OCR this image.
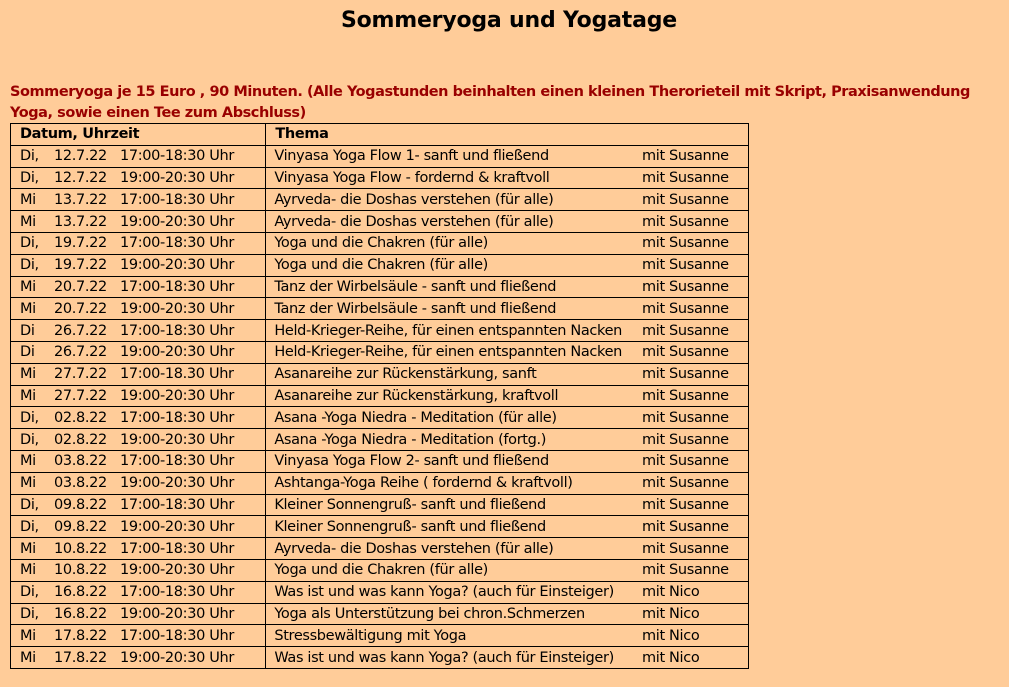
Sommeryoga und Yogatage
Sommeryoga je 15 Euro , 90 Minuten. (Alle Yogastunden beinhalten einen kleinen Therorieteil mit Skript, Praxisanwendung Yoga, sowie einen Tee zum Abschluss)
Datum, Uhrzeit	Thema
Di, 12.7.22 17:00-18:30 Uhr	Vinyasa Yoga Flow 1- sanft und fließend mit Susanne

Di, 12.7.22 19:00-20:30 Uhr	Vinyasa Yoga Flow - fordernd & kraftvoll mit Susanne

Mi 13.7.22 17:00-18:30 Uhr	Ayrveda- die Doshas verstehen (für alle) mit Susanne

Mi 13.7.22 19:00-20:30 Uhr	Ayrveda- die Doshas verstehen (für alle) mit Susanne

Di, 19.7.22 17:00-18:30 Uhr	Yoga und die Chakren (für alle) mit Susanne

Di, 19.7.22 19:00-20:30 Uhr	Yoga und die Chakren (für alle) mit Susanne

Mi 20.7.22 17:00-18:30 Uhr	Tanz der Wirbelsäule - sanft und fließend mit Susanne

Mi 20.7.22 19:00-20:30 Uhr	Tanz der Wirbelsäule - sanft und fließend mit Susanne

Di 26.7.22 17:00-18:30 Uhr	Held-Krieger-Reihe, für einen entspannten Nacken mit Susanne

Di 26.7.22 19:00-20:30 Uhr	Held-Krieger-Reihe, für einen entspannten Nacken mit Susanne

Mi 27.7.2217:00-18.30 Uhr	Asanareihe zur Rückenstärkung, sanft mit Susanne

Mi 27.7.2219:00-20:30 Uhr	Asanareihe zur Rückenstärkung, kraftvoll mit Susanne

Di, 02.8.22 17:00-18:30 Uhr	Asana -Yoga Niedra - Meditation (für alle) mit Susanne

Di, 02.8.22 19:00-20:30 Uhr	Asana -Yoga Niedra - Meditation (fortg.) mit Susanne

Mi 03.8.22 17:00-18:30 Uhr	Vinyasa Yoga Flow 2- sanft und fließend mit Susanne

Mi 03.8.22 19:00-20:30 Uhr	Ashtanga-Yoga Reihe ( fordernd & kraftvoll) mit Susanne

Di, 09.8.22 17:00-18:30 Uhr	Kleiner Sonnengruß- sanft und fließend mit Susanne

Di, 09.8.22 19:00-20:30 Uhr	Kleiner Sonnengruß- sanft und fließend mit Susanne

Mi 10.8.22 17:00-18:30 Uhr	Ayrveda- die Doshas verstehen (für alle) mit Susanne

Mi 10.8.22 19:00-20:30 Uhr	Yoga und die Chakren (für alle) mit Susanne

Di, 16.8.22 17:00-18:30 Uhr	Was ist und was kann Yoga? (auch für Einsteiger) mit Nico

Di, 16.8.22 19:00-20:30 Uhr	Yoga als Unterstützung bei chron.Schmerzen mit Nico

Mi 17.8.22 17:00-18:30 Uhr	Stressbewältigung mit Yoga mit Nico

Mi 17.8.22 19:00-20:30 Uhr	Was ist und was kann Yoga? (auch für Einsteiger) mit Nico
